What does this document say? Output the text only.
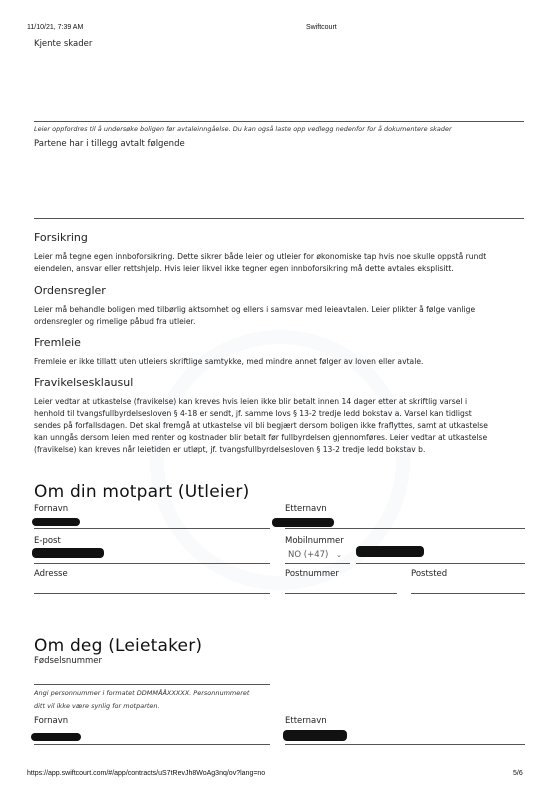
11/10/21, 7:39 AM	Swiftcourt
Kjente skader
Leier oppfordres til å undersøke boligen før avtaleinngåelse. Du kan også laste opp vedlegg nedenfor for å dokumentere skader
Partene har i tillegg avtalt følgende
Forsikring
Leier må tegne egen innboforsikring. Dette sikrer både leier og utleier for økonomiske tap hvis noe skulle oppstå rundt
eiendelen, ansvar eller rettshjelp. Hvis leier likvel ikke tegner egen innboforsikring må dette avtales eksplisitt.
Ordensregler
Leier må behandle boligen med tilbørlig aktsomhet og ellers i samsvar med leieavtalen. Leier plikter å følge vanlige
ordensregler og rimelige påbud fra utleier.
Fremleie
Fremleie er ikke tillatt uten utleiers skriftlige samtykke, med mindre annet følger av loven eller avtale.
Fravikelsesklausul
Leier vedtar at utkastelse (fravikelse) kan kreves hvis leien ikke blir betalt innen 14 dager etter at skriftlig varsel i
henhold til tvangsfullbyrdelsesloven § 4-18 er sendt, jf. samme lovs § 13-2 tredje ledd bokstav a. Varsel kan tidligst
sendes på forfallsdagen. Det skal fremgå at utkastelse vil bli begjært dersom boligen ikke fraflyttes, samt at utkastelse
kan unngås dersom leien med renter og kostnader blir betalt før fullbyrdelsen gjennomføres. Leier vedtar at utkastelse
(fravikelse) kan kreves når leietiden er utløpt, jf. tvangsfullbyrdelsesloven § 13-2 tredje ledd bokstav b.
Om din motpart (Utleier)
Fornavn	Etternavn
E-post	Mobilnummer
NO (+47) ⌄
Adresse	Postnummer	Poststed
Om deg (Leietaker)
Fødselsnummer
Angi personnummer i formatet DDMMÅÅXXXXX. Personnummeret
ditt vil ikke være synlig for motparten.
Fornavn	Etternavn
https://app.swiftcourt.com/#/app/contracts/uS7tRevJh8WoAg3nq/ov?lang=no	5/6
